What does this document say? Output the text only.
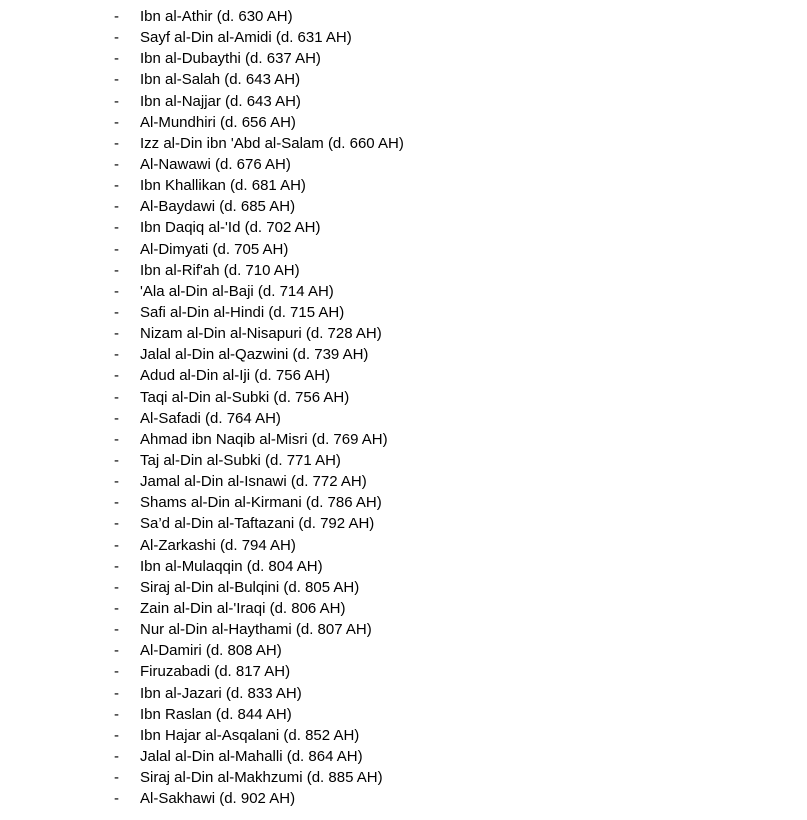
- Ibn al-Athir (d. 630 AH)
- Sayf al-Din al-Amidi (d. 631 AH)
- Ibn al-Dubaythi (d. 637 AH)
- Ibn al-Salah (d. 643 AH)
- Ibn al-Najjar (d. 643 AH)
- Al-Mundhiri (d. 656 AH)
- Izz al-Din ibn 'Abd al-Salam (d. 660 AH)
- Al-Nawawi (d. 676 AH)
- Ibn Khallikan (d. 681 AH)
- Al-Baydawi (d. 685 AH)
- Ibn Daqiq al-'Id (d. 702 AH)
- Al-Dimyati (d. 705 AH)
- Ibn al-Rif'ah (d. 710 AH)
- 'Ala al-Din al-Baji (d. 714 AH)
- Safi al-Din al-Hindi (d. 715 AH)
- Nizam al-Din al-Nisapuri (d. 728 AH)
- Jalal al-Din al-Qazwini (d. 739 AH)
- Adud al-Din al-Iji (d. 756 AH)
- Taqi al-Din al-Subki (d. 756 AH)
- Al-Safadi (d. 764 AH)
- Ahmad ibn Naqib al-Misri (d. 769 AH)
- Taj al-Din al-Subki (d. 771 AH)
- Jamal al-Din al-Isnawi (d. 772 AH)
- Shams al-Din al-Kirmani (d. 786 AH)
- Sa’d al-Din al-Taftazani (d. 792 AH)
- Al-Zarkashi (d. 794 AH)
- Ibn al-Mulaqqin (d. 804 AH)
- Siraj al-Din al-Bulqini (d. 805 AH)
- Zain al-Din al-'Iraqi (d. 806 AH)
- Nur al-Din al-Haythami (d. 807 AH)
- Al-Damiri (d. 808 AH)
- Firuzabadi (d. 817 AH)
- Ibn al-Jazari (d. 833 AH)
- Ibn Raslan (d. 844 AH)
- Ibn Hajar al-Asqalani (d. 852 AH)
- Jalal al-Din al-Mahalli (d. 864 AH)
- Siraj al-Din al-Makhzumi (d. 885 AH)
- Al-Sakhawi (d. 902 AH)
